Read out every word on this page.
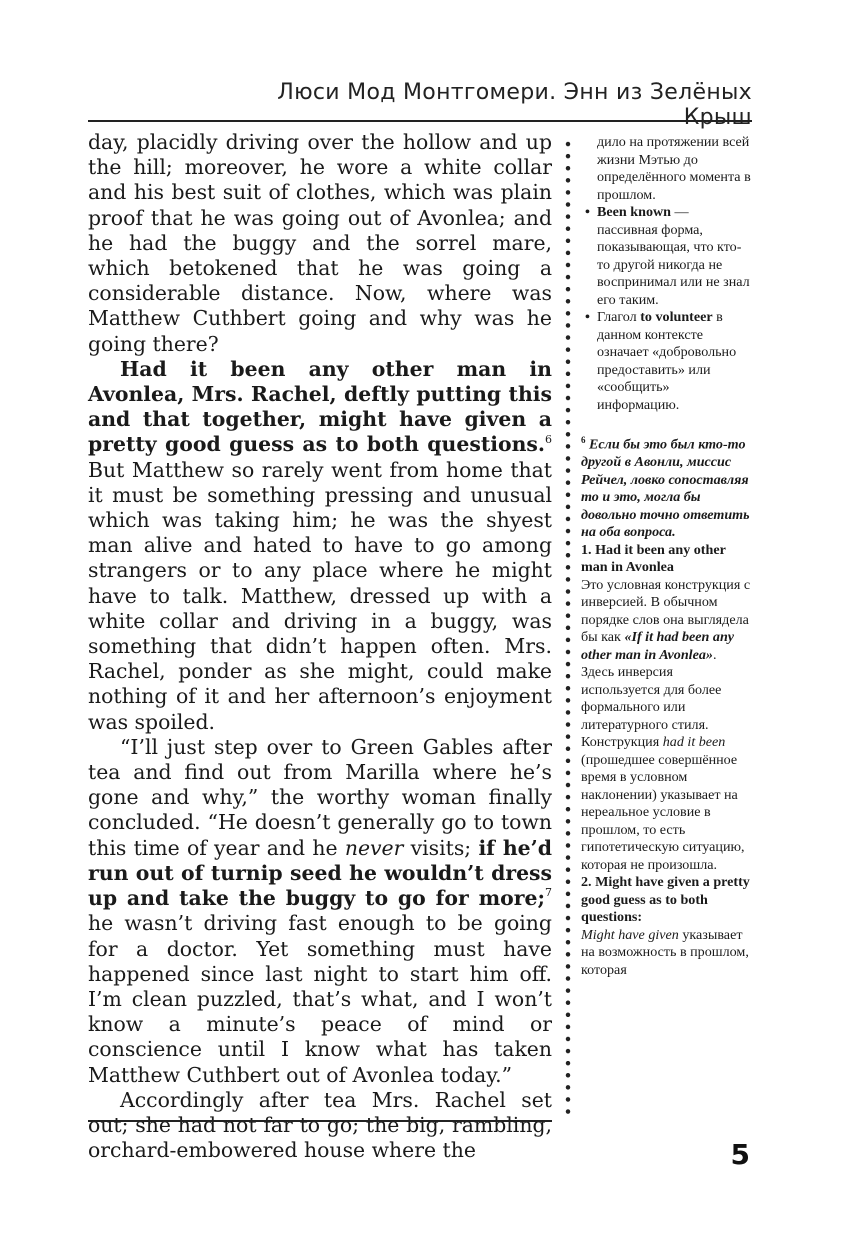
Люси Мод Монтгомери. Энн из Зелёных Крыш

day, placidly driving over the hollow and up the hill; moreover, he wore a white collar and his best suit of clothes, which was plain proof that he was going out of Avonlea; and he had the buggy and the sorrel mare, which betokened that he was going a considerable distance. Now, where was Matthew Cuthbert going and why was he going there?

Had it been any other man in Avonlea, Mrs. Rachel, deftly putting this and that together, might have given a pretty good guess as to both questions.$^6$ But Matthew so rarely went from home that it must be something pressing and unusual which was taking him; he was the shyest man alive and hated to have to go among strangers or to any place where he might have to talk. Matthew, dressed up with a white collar and driving in a buggy, was something that didn’t happen often. Mrs. Rachel, ponder as she might, could make nothing of it and her afternoon’s enjoyment was spoiled.

“I’ll just step over to Green Gables after tea and find out from Marilla where he’s gone and why,” the worthy woman finally concluded. “He doesn’t generally go to town this time of year and he never visits; if he’d run out of turnip seed he wouldn’t dress up and take the buggy to go for more;$^7$ he wasn’t driving fast enough to be going for a doctor. Yet something must have happened since last night to start him off. I’m clean puzzled, that’s what, and I won’t know a minute’s peace of mind or conscience until I know what has taken Matthew Cuthbert out of Avonlea today.”

Accordingly after tea Mrs. Rachel set out; she had not far to go; the big, rambling, orchard-embowered house where the

дило на протяжении всей жизни Мэтью до определённого момента в прошлом.
• Been known — пассивная форма, показывающая, что кто-то другой никогда не воспринимал или не знал его таким.
• Глагол to volunteer в данном контексте означает «добровольно предоставить» или «сообщить» информацию.
$^6$ Если бы это был кто-то другой в Авонли, миссис Рейчел, ловко сопоставляя то и это, могла бы довольно точно ответить на оба вопроса.
1. Had it been any other man in Avonlea
Это условная конструкция с инверсией. В обычном порядке слов она выглядела бы как «If it had been any other man in Avonlea». Здесь инверсия используется для более формального или литературного стиля. Конструкция had it been (прошедшее совершённое время в условном наклонении) указывает на нереальное условие в прошлом, то есть гипотетическую ситуацию, которая не произошла.
2. Might have given a pretty good guess as to both questions:
Might have given указывает на возможность в прошлом, которая
5
